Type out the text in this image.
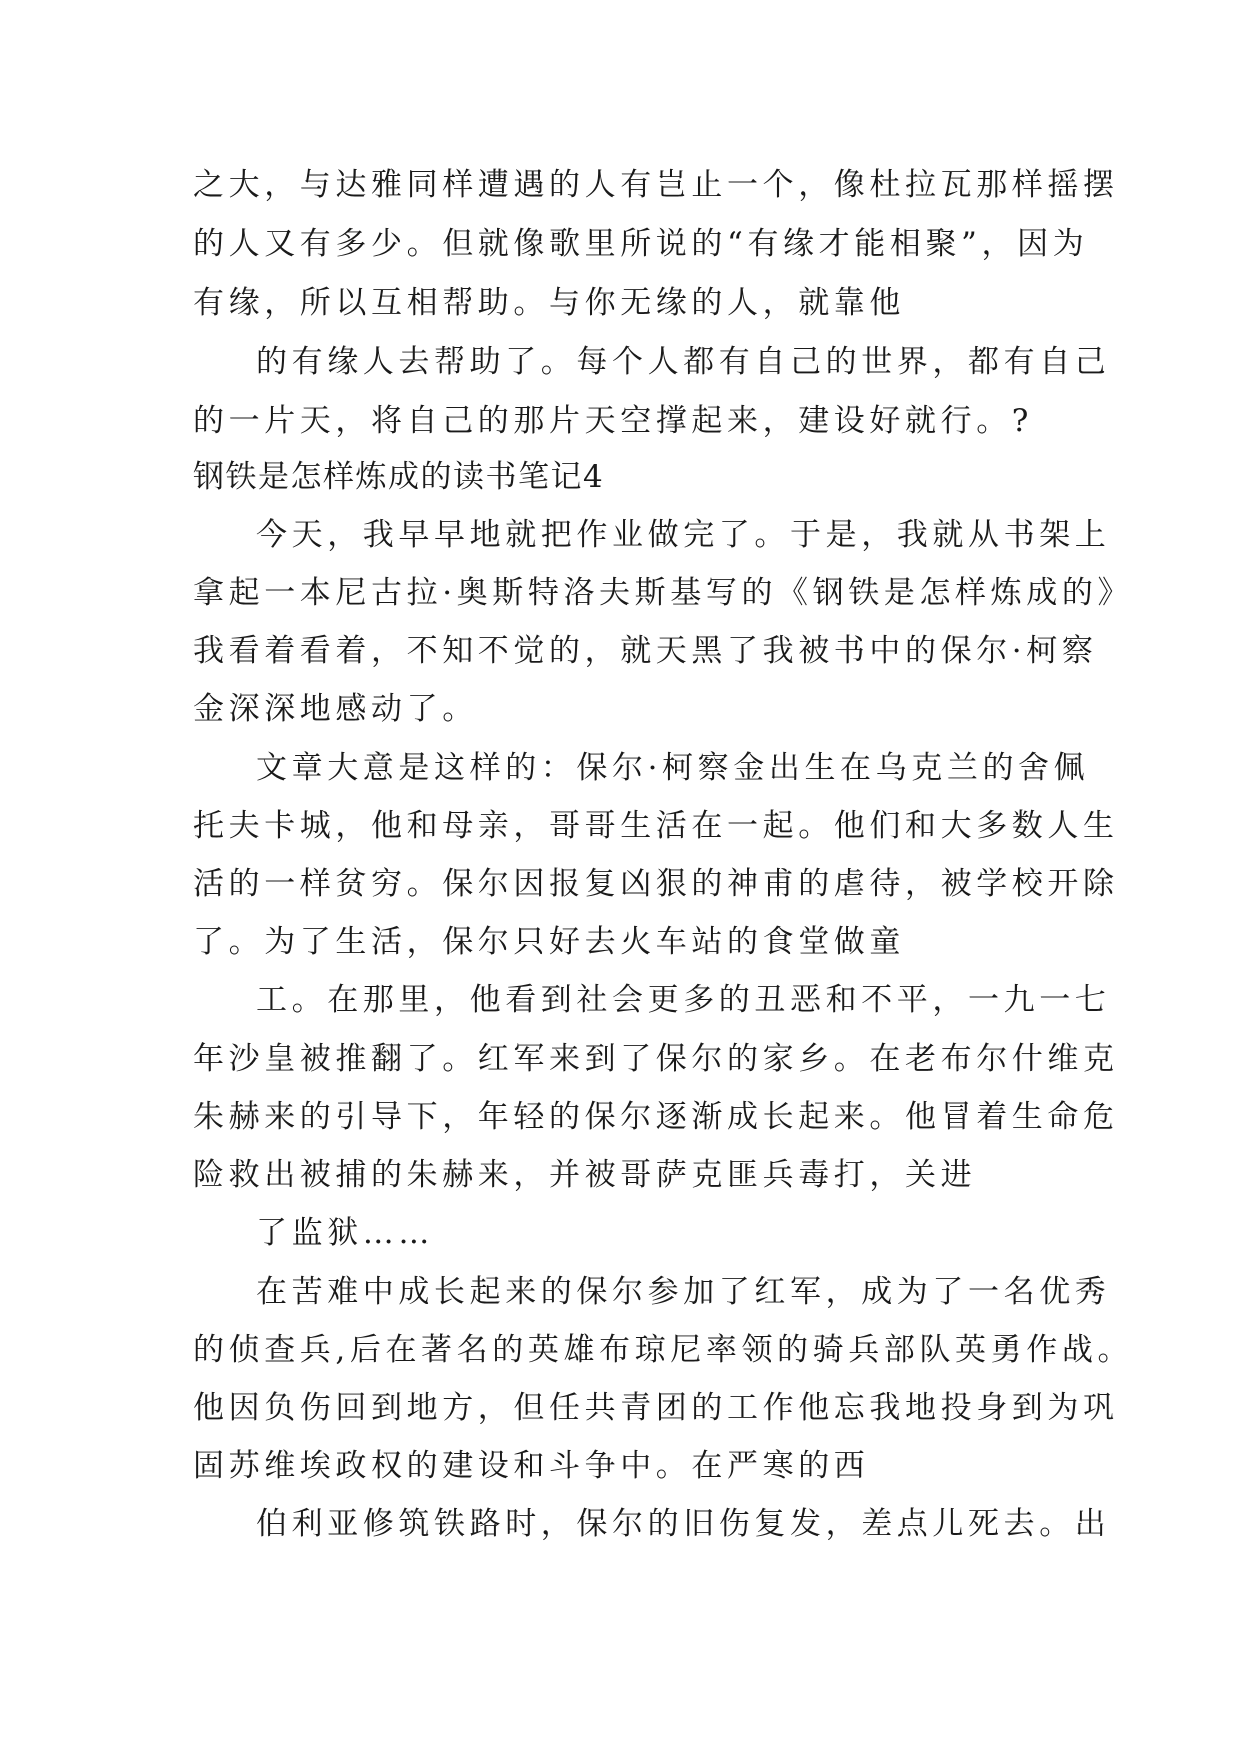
之大，与达雅同样遭遇的人有岂止一个，像杜拉瓦那样摇摆
的人又有多少。但就像歌里所说的“有缘才能相聚”，因为
有缘，所以互相帮助。与你无缘的人，就靠他
的有缘人去帮助了。每个人都有自己的世界，都有自己
的一片天，将自己的那片天空撑起来，建设好就行。?
钢铁是怎样炼成的读书笔记4
今天，我早早地就把作业做完了。于是，我就从书架上
拿起一本尼古拉·奥斯特洛夫斯基写的《钢铁是怎样炼成的》
我看着看着，不知不觉的，就天黑了我被书中的保尔·柯察
金深深地感动了。
文章大意是这样的：保尔·柯察金出生在乌克兰的舍佩
托夫卡城，他和母亲，哥哥生活在一起。他们和大多数人生
活的一样贫穷。保尔因报复凶狠的神甫的虐待，被学校开除
了。为了生活，保尔只好去火车站的食堂做童
工。在那里，他看到社会更多的丑恶和不平，一九一七
年沙皇被推翻了。红军来到了保尔的家乡。在老布尔什维克
朱赫来的引导下，年轻的保尔逐渐成长起来。他冒着生命危
险救出被捕的朱赫来，并被哥萨克匪兵毒打，关进
了监狱……
在苦难中成长起来的保尔参加了红军，成为了一名优秀
的侦查兵,后在著名的英雄布琼尼率领的骑兵部队英勇作战。
他因负伤回到地方，但任共青团的工作他忘我地投身到为巩
固苏维埃政权的建设和斗争中。在严寒的西
伯利亚修筑铁路时，保尔的旧伤复发，差点儿死去。出
